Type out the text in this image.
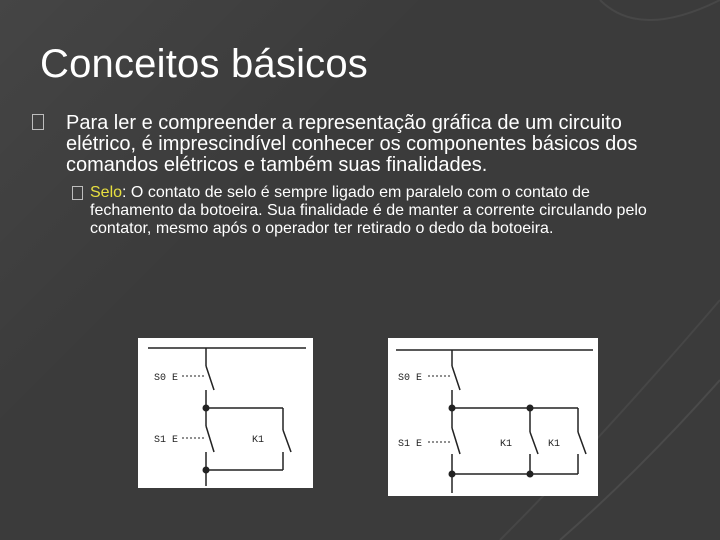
Conceitos básicos
Para ler e compreender a representação gráfica de um circuito elétrico, é imprescindível conhecer os componentes básicos dos comandos elétricos e também suas finalidades.
Selo: O contato de selo é sempre ligado em paralelo com o contato de fechamento da botoeira. Sua finalidade é de manter a corrente circulando pelo contator, mesmo após o operador ter retirado o dedo da botoeira.
S0 E
S1 E	K1
S0 E
S1 E	K1	K1
